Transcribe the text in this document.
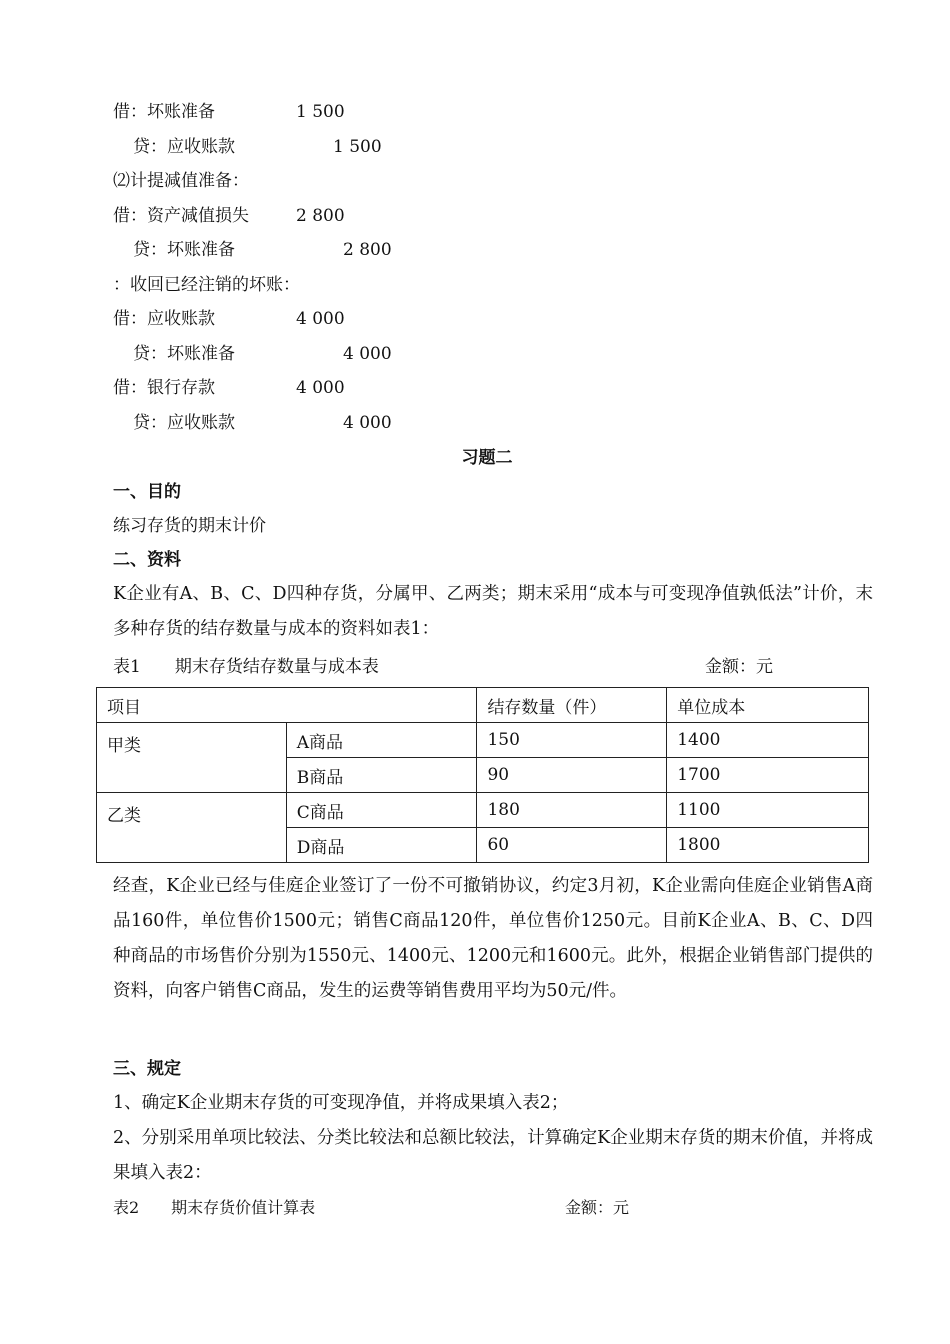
借：坏账准备	1 500
贷：应收账款	1 500
⑵计提减值准备：
借：资产减值损失	2 800
贷：坏账准备	2 800
：收回已经注销的坏账：
借：应收账款	4 000
贷：坏账准备	4 000
借：银行存款	4 000
贷：应收账款	4 000
习题二
一、目的
练习存货的期末计价
二、资料
K企业有A、B、C、D四种存货，分属甲、乙两类；期末采用“成本与可变现净值孰低法”计价，末多种存货的结存数量与成本的资料如表1：
表1　　期末存货结存数量与成本表	金额：元
项目		结存数量（件）	单位成本
甲类	A商品	150	1400
	B商品	90	1700
乙类	C商品	180	1100
	D商品	60	1800
经查，K企业已经与佳庭企业签订了一份不可撤销协议，约定3月初，K企业需向佳庭企业销售A商品160件，单位售价1500元；销售C商品120件，单位售价1250元。目前K企业A、B、C、D四种商品的市场售价分别为1550元、1400元、1200元和1600元。此外，根据企业销售部门提供的资料，向客户销售C商品，发生的运费等销售费用平均为50元/件。
三、规定
1、确定K企业期末存货的可变现净值，并将成果填入表2；
2、分别采用单项比较法、分类比较法和总额比较法，计算确定K企业期末存货的期末价值，并将成果填入表2：
表2　　期末存货价值计算表	金额：元
